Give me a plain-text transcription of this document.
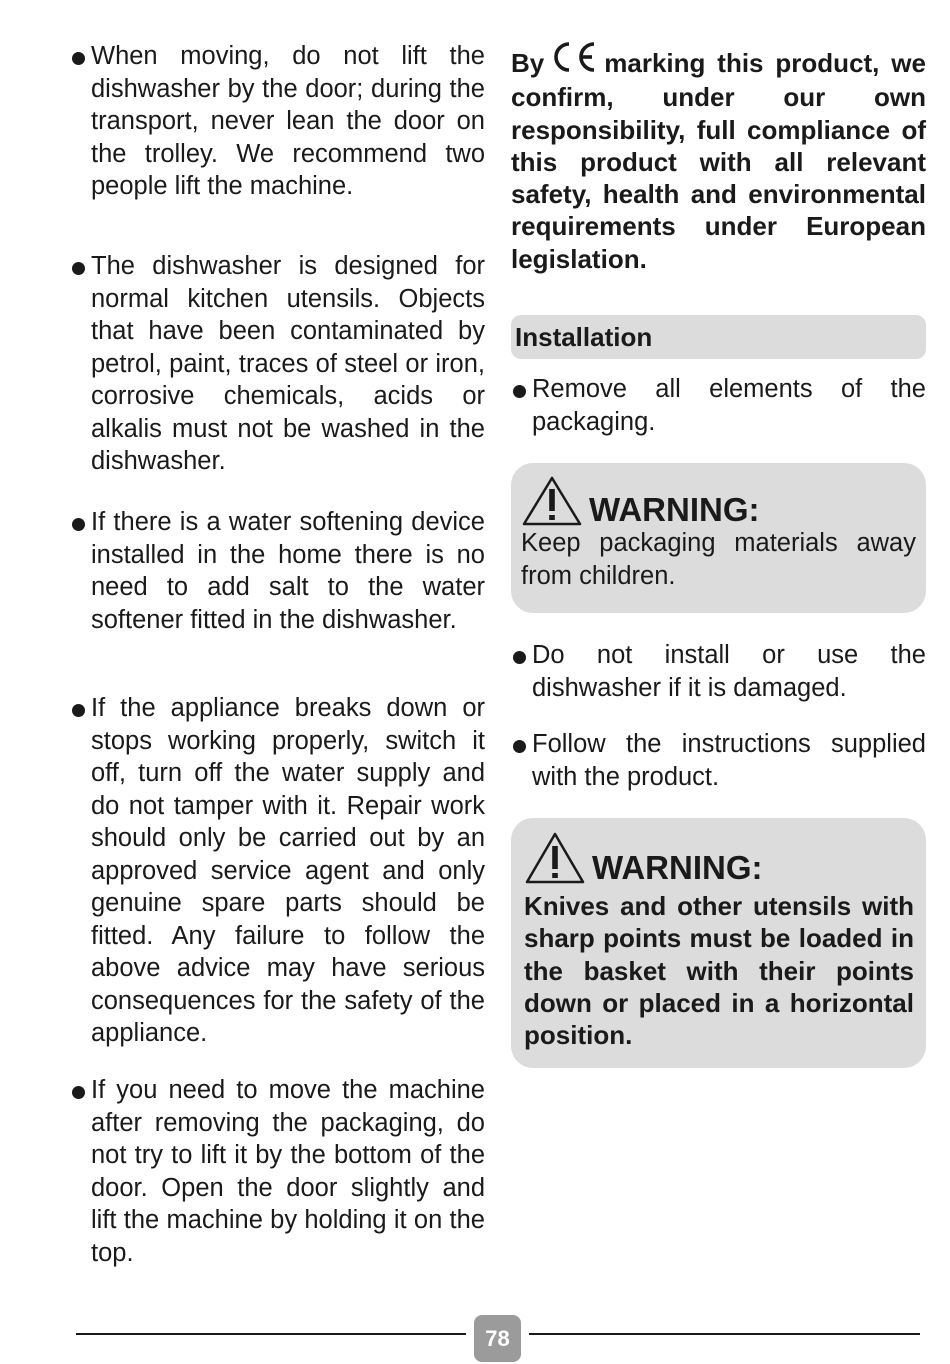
When moving, do not lift the dishwasher by the door; during the transport, never lean the door on the trolley. We recommend two people lift the machine.
The dishwasher is designed for normal kitchen utensils. Objects that have been contaminated by petrol, paint, traces of steel or iron, corrosive chemicals, acids or alkalis must not be washed in the dishwasher.
If there is a water softening device installed in the home there is no need to add salt to the water softener fitted in the dishwasher.
If the appliance breaks down or stops working properly, switch it off, turn off the water supply and do not tamper with it. Repair work should only be carried out by an approved service agent and only genuine spare parts should be fitted. Any failure to follow the above advice may have serious consequences for the safety of the appliance.
If you need to move the machine after removing the packaging, do not try to lift it by the bottom of the door. Open the door slightly and lift the machine by holding it on the top.

By marking this product, we confirm, under our own responsibility, full compliance of this product with all relevant safety, health and environmental requirements under European legislation.

Installation
Remove all elements of the packaging.
WARNING:

Keep packaging materials away from children.

Do not install or use the dishwasher if it is damaged.
Follow the instructions supplied with the product.
WARNING:

Knives and other utensils with sharp points must be loaded in the basket with their points down or placed in a horizontal position.

78
